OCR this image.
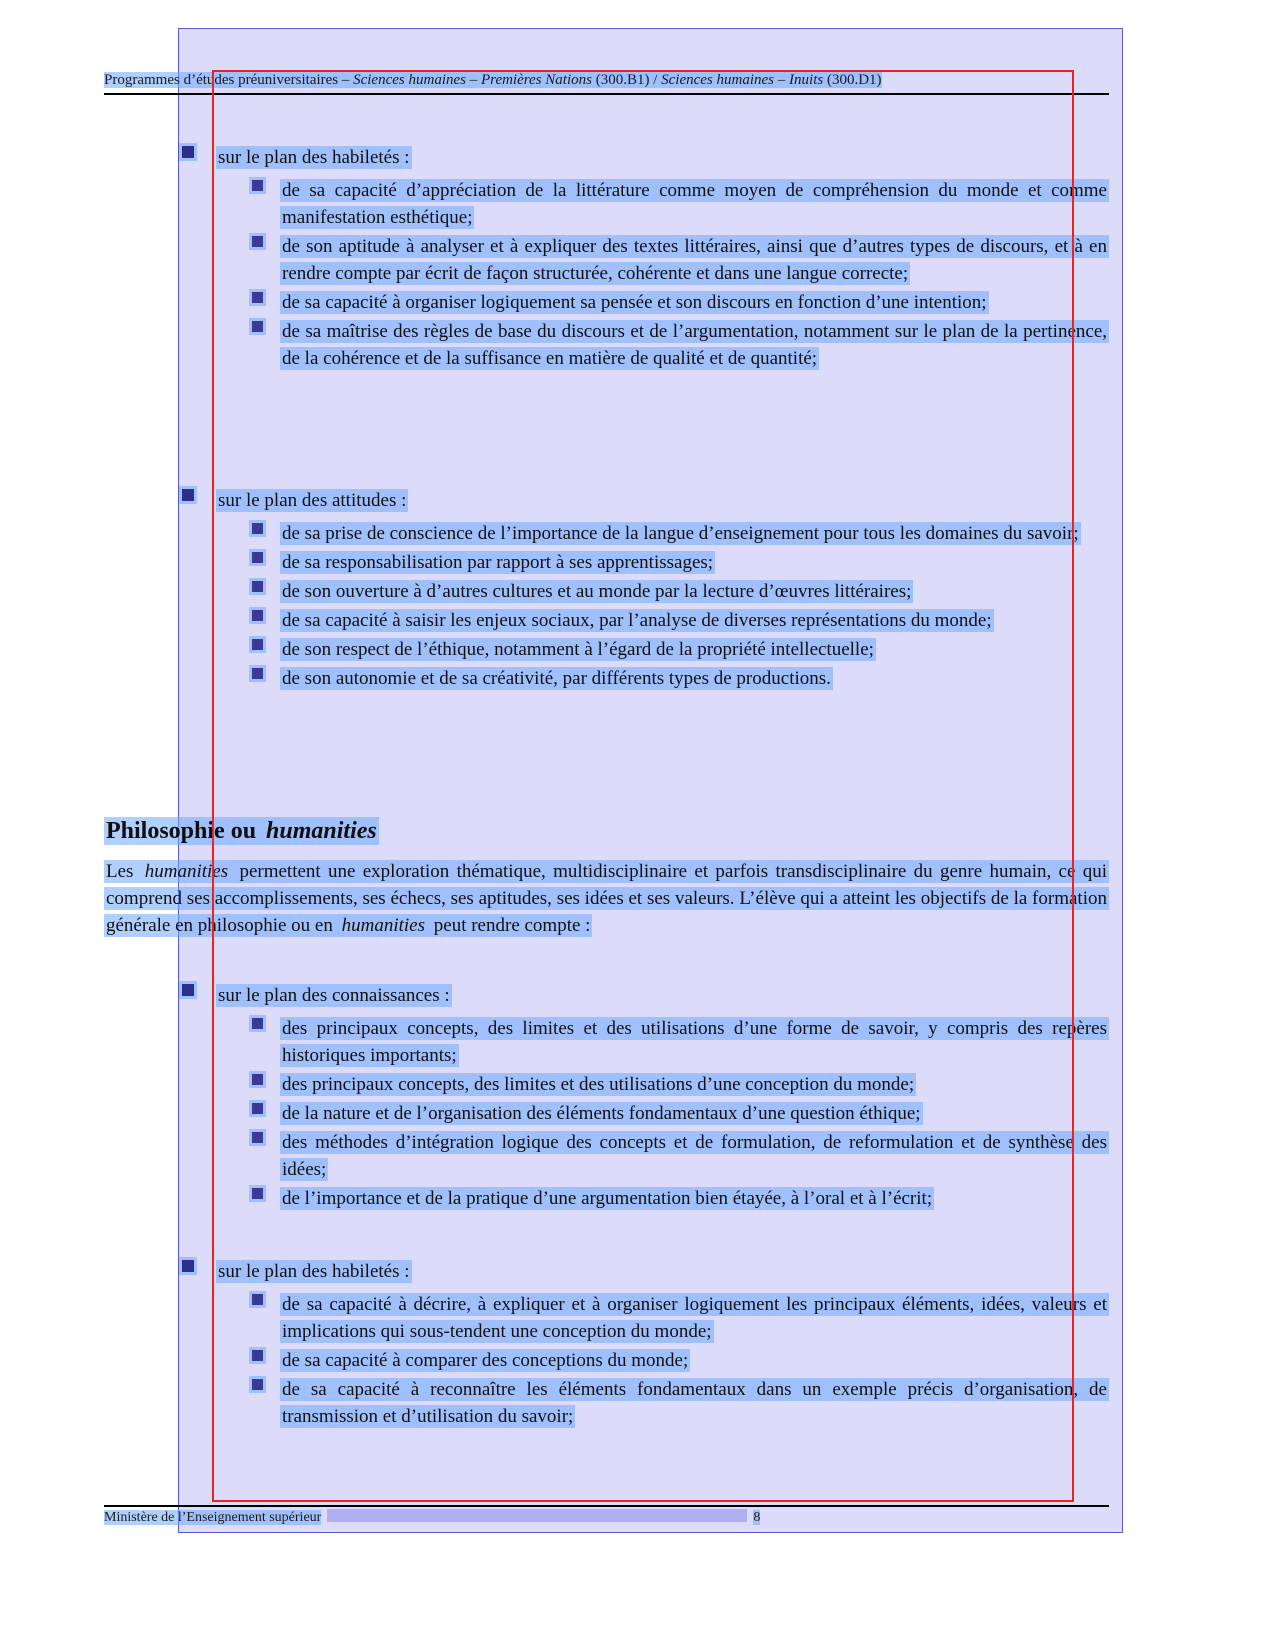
Programmes d’études préuniversitaires – Sciences humaines – Premières Nations (300.B1) / Sciences humaines – Inuits (300.D1)
sur le plan des habiletés :
de sa capacité d’appréciation de la littérature comme moyen de compréhension du monde et comme manifestation esthétique;
de son aptitude à analyser et à expliquer des textes littéraires, ainsi que d’autres types de discours, et à en rendre compte par écrit de façon structurée, cohérente et dans une langue correcte;
de sa capacité à organiser logiquement sa pensée et son discours en fonction d’une intention;
de sa maîtrise des règles de base du discours et de l’argumentation, notamment sur le plan de la pertinence, de la cohérence et de la suffisance en matière de qualité et de quantité;
sur le plan des attitudes :
de sa prise de conscience de l’importance de la langue d’enseignement pour tous les domaines du savoir;
de sa responsabilisation par rapport à ses apprentissages;
de son ouverture à d’autres cultures et au monde par la lecture d’œuvres littéraires;
de sa capacité à saisir les enjeux sociaux, par l’analyse de diverses représentations du monde;
de son respect de l’éthique, notamment à l’égard de la propriété intellectuelle;
de son autonomie et de sa créativité, par différents types de productions.
Philosophie ou humanities

Les humanities permettent une exploration thématique, multidisciplinaire et parfois transdisciplinaire du genre humain, ce qui comprend ses accomplissements, ses échecs, ses aptitudes, ses idées et ses valeurs. L’élève qui a atteint les objectifs de la formation générale en philosophie ou en humanities peut rendre compte :

sur le plan des connaissances :
des principaux concepts, des limites et des utilisations d’une forme de savoir, y compris des repères historiques importants;
des principaux concepts, des limites et des utilisations d’une conception du monde;
de la nature et de l’organisation des éléments fondamentaux d’une question éthique;
des méthodes d’intégration logique des concepts et de formulation, de reformulation et de synthèse des idées;
de l’importance et de la pratique d’une argumentation bien étayée, à l’oral et à l’écrit;
sur le plan des habiletés :
de sa capacité à décrire, à expliquer et à organiser logiquement les principaux éléments, idées, valeurs et implications qui sous-tendent une conception du monde;
de sa capacité à comparer des conceptions du monde;
de sa capacité à reconnaître les éléments fondamentaux dans un exemple précis d’organisation, de transmission et d’utilisation du savoir;
Ministère de l’Enseignement supérieur	8
